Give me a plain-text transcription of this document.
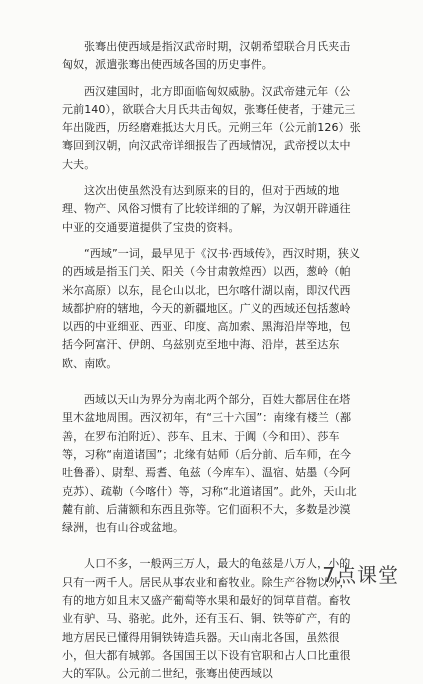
张骞出使西域是指汉武帝时期，汉朝希望联合月氏夹击匈奴，派遣张骞出使西域各国的历史事件。

西汉建国时，北方即面临匈奴威胁。汉武帝建元年（公元前140），欲联合大月氏共击匈奴，张骞任使者，于建元三年出陇西，历经磨难抵达大月氏。元朔三年（公元前126）张骞回到汉朝，向汉武帝详细报告了西域情况，武帝授以太中大夫。

这次出使虽然没有达到原来的目的，但对于西域的地理、物产、风俗习惯有了比较详细的了解，为汉朝开辟通往中亚的交通要道提供了宝贵的资料。

“西域”一词，最早见于《汉书·西域传》，西汉时期，狭义的西域是指玉门关、阳关（今甘肃敦煌西）以西，葱岭（帕米尔高原）以东，昆仑山以北，巴尔喀什湖以南，即汉代西域都护府的辖地，今天的新疆地区。广义的西域还包括葱岭以西的中亚细亚、西亚、印度、高加索、黑海沿岸等地，包括今阿富汗、伊朗、乌兹别克至地中海、沿岸，甚至达东欧、南欧。

西域以天山为界分为南北两个部分，百姓大都居住在塔里木盆地周围。西汉初年，有“三十六国”：南缘有楼兰（鄯善，在罗布泊附近）、莎车、且末、于阗（今和田）、莎车等，习称“南道诸国”；北缘有姑师（后分前、后车师，在今吐鲁番）、尉犁、焉耆、龟兹（今库车）、温宿、姑墨（今阿克苏）、疏勒（今喀什）等，习称“北道诸国”。此外，天山北麓有前、后蒲额和东西且弥等。它们面积不大，多数是沙漠绿洲，也有山谷或盆地。

人口不多，一般两三万人，最大的龟兹是八万人，小的只有一两千人。居民从事农业和畜牧业。除生产谷物以外，有的地方如且末又盛产葡萄等水果和最好的饲草苜蓿。畜牧业有驴、马、骆驼。此外，还有玉石、铜、铁等矿产，有的地方居民已懂得用铜铁铸造兵器。天山南北各国，虽然很小，但大都有城郭。各国国王以下设有官职和占人口比重很大的军队。公元前二世纪，张骞出使西域以

7点课堂
